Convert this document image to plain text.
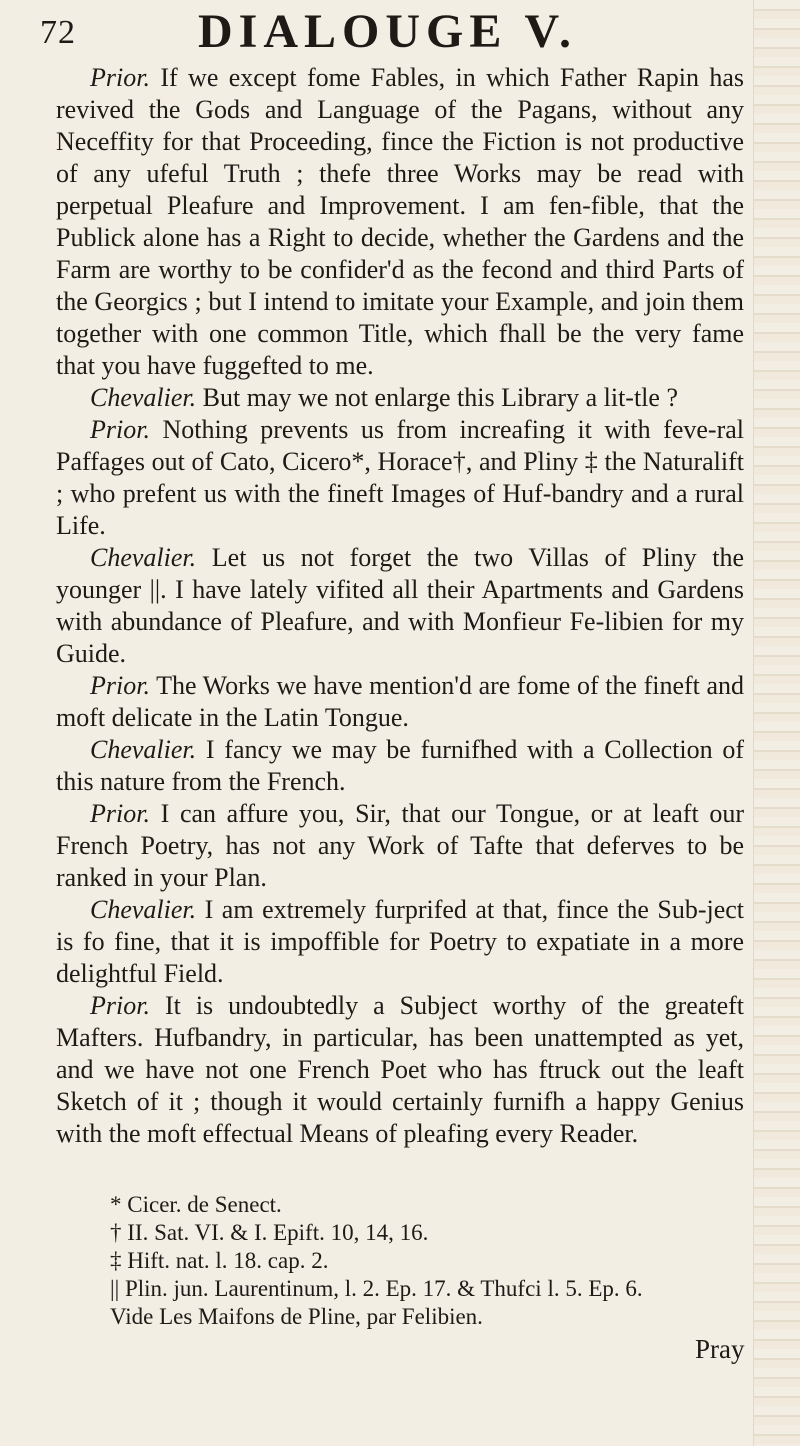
72	DIALOUGE V.

Prior. If we except fome Fables, in which Father Rapin has revived the Gods and Language of the Pagans, without any Neceffity for that Proceeding, fince the Fiction is not productive of any ufeful Truth ; thefe three Works may be read with perpetual Pleafure and Improvement. I am fen-fible, that the Publick alone has a Right to decide, whether the Gardens and the Farm are worthy to be confider'd as the fecond and third Parts of the Georgics ; but I intend to imitate your Example, and join them together with one common Title, which fhall be the very fame that you have fuggefted to me.

Chevalier. But may we not enlarge this Library a lit-tle ?

Prior. Nothing prevents us from increafing it with feve-ral Paffages out of Cato, Cicero*, Horace†, and Pliny ‡ the Naturalift ; who prefent us with the fineft Images of Huf-bandry and a rural Life.

Chevalier. Let us not forget the two Villas of Pliny the younger ||. I have lately vifited all their Apartments and Gardens with abundance of Pleafure, and with Monfieur Fe-libien for my Guide.

Prior. The Works we have mention'd are fome of the fineft and moft delicate in the Latin Tongue.

Chevalier. I fancy we may be furnifhed with a Collection of this nature from the French.

Prior. I can affure you, Sir, that our Tongue, or at leaft our French Poetry, has not any Work of Tafte that deferves to be ranked in your Plan.

Chevalier. I am extremely furprifed at that, fince the Sub-ject is fo fine, that it is impoffible for Poetry to expatiate in a more delightful Field.

Prior. It is undoubtedly a Subject worthy of the greateft Mafters. Hufbandry, in particular, has been unattempted as yet, and we have not one French Poet who has ftruck out the leaft Sketch of it ; though it would certainly furnifh a happy Genius with the moft effectual Means of pleafing every Reader.

* Cicer. de Senect.
† II. Sat. VI. & I. Epift. 10, 14, 16.
‡ Hift. nat. l. 18. cap. 2.
|| Plin. jun. Laurentinum, l. 2. Ep. 17. & Thufci l. 5. Ep. 6.
Vide Les Maifons de Pline, par Felibien.
Pray
